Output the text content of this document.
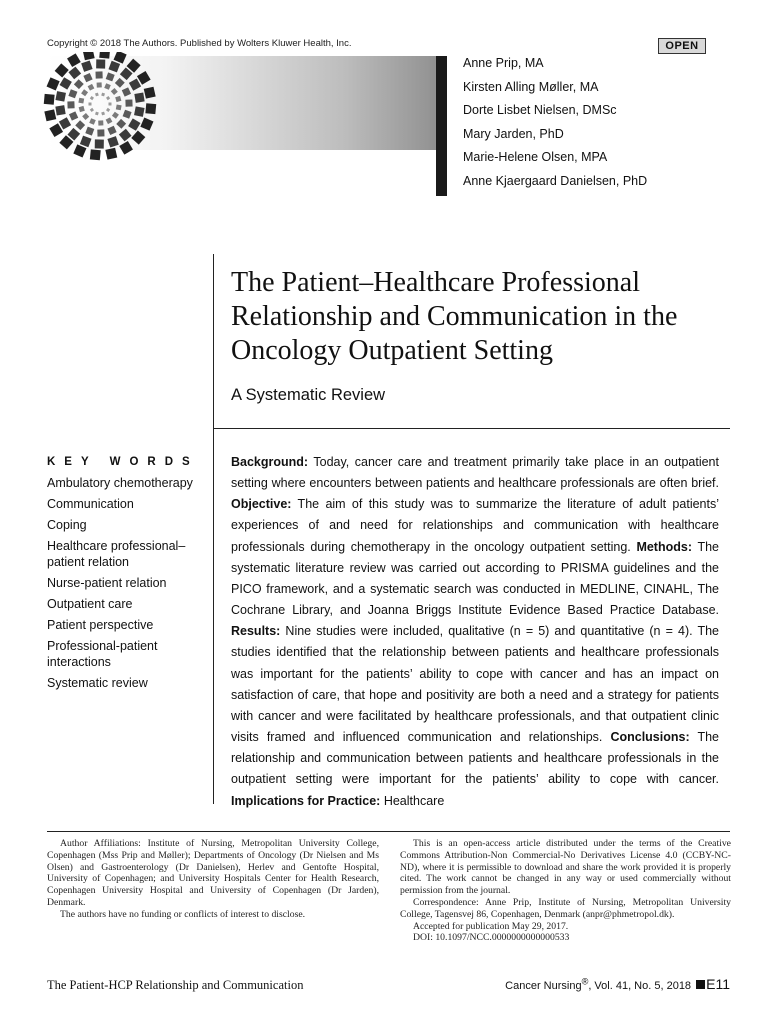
Copyright © 2018 The Authors. Published by Wolters Kluwer Health, Inc.	OPEN
Anne Prip, MA
Kirsten Alling Møller, MA
Dorte Lisbet Nielsen, DMSc
Mary Jarden, PhD
Marie-Helene Olsen, MPA
Anne Kjaergaard Danielsen, PhD
The Patient–Healthcare Professional Relationship and Communication in the Oncology Outpatient Setting
A Systematic Review
KEY WORDS
Ambulatory chemotherapy
Communication
Coping
Healthcare professional–patient relation
Nurse-patient relation
Outpatient care
Patient perspective
Professional-patient interactions
Systematic review

Background: Today, cancer care and treatment primarily take place in an outpatient setting where encounters between patients and healthcare professionals are often brief. Objective: The aim of this study was to summarize the literature of adult patients’ experiences of and need for relationships and communication with healthcare professionals during chemotherapy in the oncology outpatient setting. Methods: The systematic literature review was carried out according to PRISMA guidelines and the PICO framework, and a systematic search was conducted in MEDLINE, CINAHL, The Cochrane Library, and Joanna Briggs Institute Evidence Based Practice Database. Results: Nine studies were included, qualitative (n = 5) and quantitative (n = 4). The studies identified that the relationship between patients and healthcare professionals was important for the patients’ ability to cope with cancer and has an impact on satisfaction of care, that hope and positivity are both a need and a strategy for patients with cancer and were facilitated by healthcare professionals, and that outpatient clinic visits framed and influenced communication and relationships. Conclusions: The relationship and communication between patients and healthcare professionals in the outpatient setting were important for the patients’ ability to cope with cancer. Implications for Practice: Healthcare

Author Affiliations: Institute of Nursing, Metropolitan University College, Copenhagen (Mss Prip and Møller); Departments of Oncology (Dr Nielsen and Ms Olsen) and Gastroenterology (Dr Danielsen), Herlev and Gentofte Hospital, University of Copenhagen; and University Hospitals Center for Health Research, Copenhagen University Hospital and University of Copenhagen (Dr Jarden), Denmark.
The authors have no funding or conflicts of interest to disclose.
This is an open-access article distributed under the terms of the Creative Commons Attribution-Non Commercial-No Derivatives License 4.0 (CCBY-NC-ND), where it is permissible to download and share the work provided it is properly cited. The work cannot be changed in any way or used commercially without permission from the journal.
Correspondence: Anne Prip, Institute of Nursing, Metropolitan University College, Tagensvej 86, Copenhagen, Denmark (anpr@phmetropol.dk).
Accepted for publication May 29, 2017.
DOI: 10.1097/NCC.0000000000000533
The Patient-HCP Relationship and Communication	Cancer Nursing®, Vol. 41, No. 5, 2018 E11
